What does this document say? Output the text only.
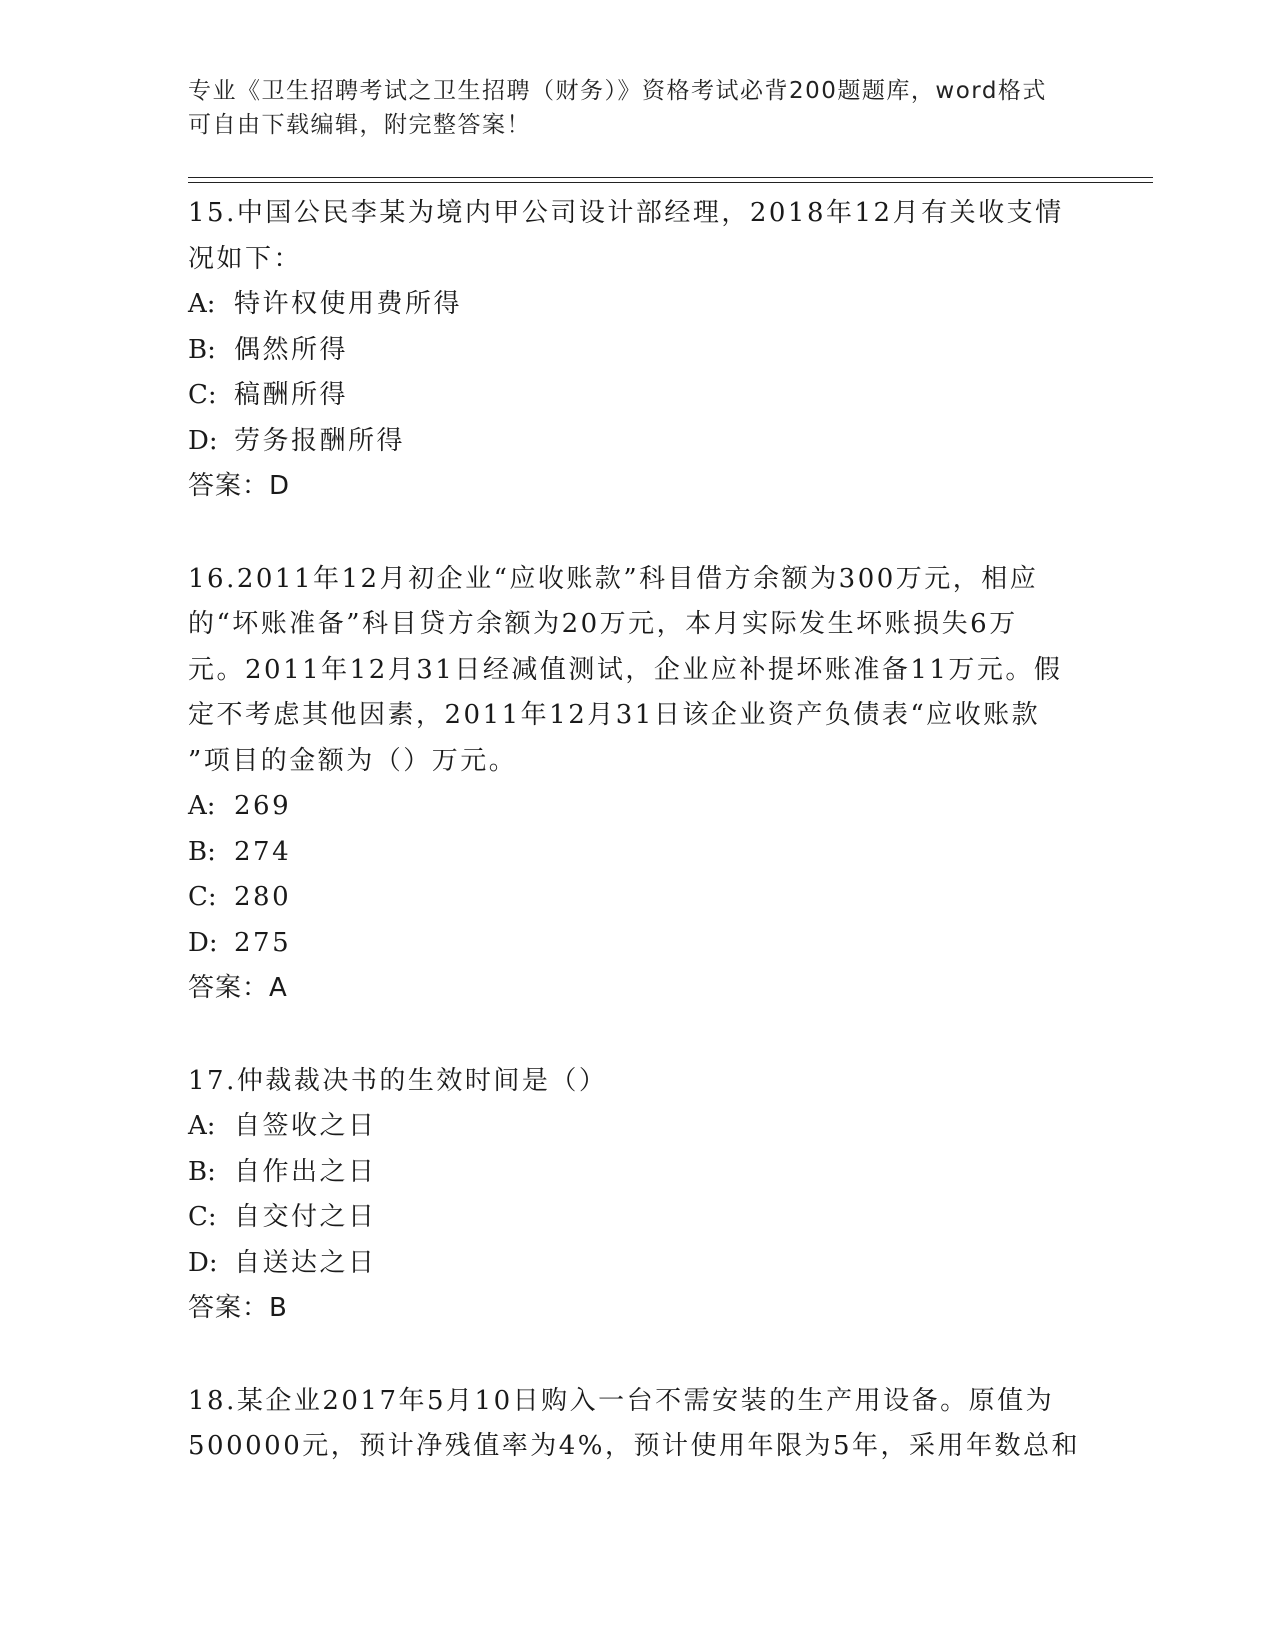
专业《卫生招聘考试之卫生招聘（财务）》资格考试必背200题题库，word格式
可自由下载编辑，附完整答案！
15.中国公民李某为境内甲公司设计部经理，2018年12月有关收支情
况如下：
A: 特许权使用费所得
B: 偶然所得
C: 稿酬所得
D: 劳务报酬所得
答案：D
16.2011年12月初企业“应收账款”科目借方余额为300万元，相应
的“坏账准备”科目贷方余额为20万元，本月实际发生坏账损失6万
元。2011年12月31日经减值测试，企业应补提坏账准备11万元。假
定不考虑其他因素，2011年12月31日该企业资产负债表“应收账款
”项目的金额为（）万元。
A: 269
B: 274
C: 280
D: 275
答案：A
17.仲裁裁决书的生效时间是（）
A: 自签收之日
B: 自作出之日
C: 自交付之日
D: 自送达之日
答案：B
18.某企业2017年5月10日购入一台不需安装的生产用设备。原值为
500000元，预计净残值率为4%，预计使用年限为5年，采用年数总和
